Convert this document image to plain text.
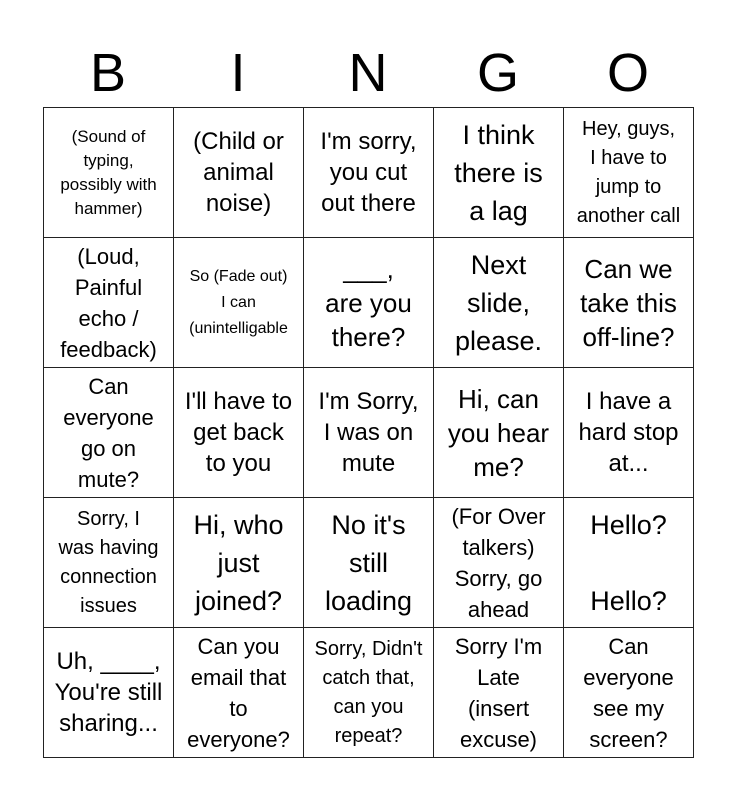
B	I	N	G	O
(Sound of
typing,
possibly with
hammer)	(Child or
animal
noise)	I'm sorry,
you cut
out there	I think
there is
a lag	Hey, guys,
I have to
jump to
another call

(Loud,
Painful
echo /
feedback)	So (Fade out)
I can
(unintelligable	___,
are you
there?	Next
slide,
please.	Can we
take this
off-line?

Can
everyone
go on
mute?	I'll have to
get back
to you	I'm Sorry,
I was on
mute	Hi, can
you hear
me?	I have a
hard stop
at...

Sorry, I
was having
connection
issues	Hi, who
just
joined?	No it's
still
loading	(For Over
talkers)
Sorry, go
ahead	Hello?

Hello?

Uh, ____,
You're still
sharing...	Can you
email that
to
everyone?	Sorry, Didn't
catch that,
can you
repeat?	Sorry I'm
Late
(insert
excuse)	Can
everyone
see my
screen?
